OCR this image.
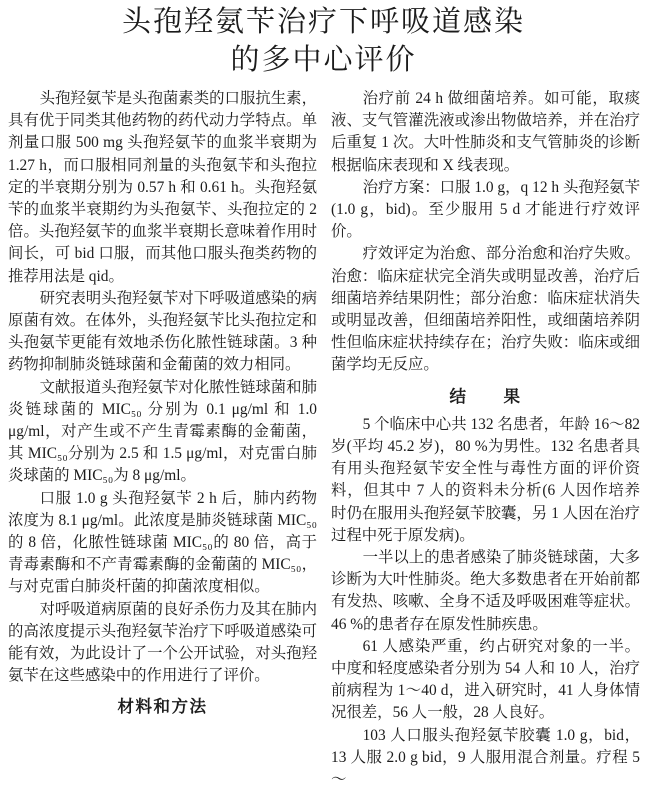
头孢羟氨苄治疗下呼吸道感染
的多中心评价

头孢羟氨苄是头孢菌素类的口服抗生素，具有优于同类其他药物的药代动力学特点。单剂量口服 500 mg 头孢羟氨苄的血浆半衰期为 1.27 h，而口服相同剂量的头孢氨苄和头孢拉定的半衰期分别为 0.57 h 和 0.61 h。头孢羟氨苄的血浆半衰期约为头孢氨苄、头孢拉定的 2 倍。头孢羟氨苄的血浆半衰期长意味着作用时间长，可 bid 口服，而其他口服头孢类药物的推荐用法是 qid。

研究表明头孢羟氨苄对下呼吸道感染的病原菌有效。在体外，头孢羟氨苄比头孢拉定和头孢氨苄更能有效地杀伤化脓性链球菌。3 种药物抑制肺炎链球菌和金葡菌的效力相同。

文献报道头孢羟氨苄对化脓性链球菌和肺炎链球菌的 MIC₅₀ 分别为 0.1 μg/ml 和 1.0 μg/ml，对产生或不产生青霉素酶的金葡菌，其 MIC₅₀分别为 2.5 和 1.5 μg/ml，对克雷白肺炎球菌的 MIC₅₀为 8 μg/ml。

口服 1.0 g 头孢羟氨苄 2 h 后，肺内药物浓度为 8.1 μg/ml。此浓度是肺炎链球菌 MIC₅₀的 8 倍，化脓性链球菌 MIC₅₀的 80 倍，高于青毒素酶和不产青霉素酶的金葡菌的 MIC₅₀，与对克雷白肺炎杆菌的抑菌浓度相似。

对呼吸道病原菌的良好杀伤力及其在肺内的高浓度提示头孢羟氨苄治疗下呼吸道感染可能有效，为此设计了一个公开试验，对头孢羟氨苄在这些感染中的作用进行了评价。

材料和方法

治疗前 24 h 做细菌培养。如可能，取痰液、支气管灌洗液或渗出物做培养，并在治疗后重复 1 次。大叶性肺炎和支气管肺炎的诊断根据临床表现和 X 线表现。

治疗方案：口服 1.0 g，q 12 h 头孢羟氨苄(1.0 g，bid)。至少服用 5 d 才能进行疗效评价。

疗效评定为治愈、部分治愈和治疗失败。治愈：临床症状完全消失或明显改善，治疗后细菌培养结果阴性；部分治愈：临床症状消失或明显改善，但细菌培养阳性，或细菌培养阴性但临床症状持续存在；治疗失败：临床或细菌学均无反应。

结　　果

5 个临床中心共 132 名患者，年龄 16～82 岁(平均 45.2 岁)，80 %为男性。132 名患者具有用头孢羟氨苄安全性与毒性方面的评价资料，但其中 7 人的资料未分析(6 人因作培养时仍在服用头孢羟氨苄胶囊，另 1 人因在治疗过程中死于原发病)。

一半以上的患者感染了肺炎链球菌，大多诊断为大叶性肺炎。绝大多数患者在开始前都有发热、咳嗽、全身不适及呼吸困难等症状。46 %的患者存在原发性肺疾患。

61 人感染严重，约占研究对象的一半。中度和轻度感染者分别为 54 人和 10 人，治疗前病程为 1～40 d，进入研究时，41 人身体情况很差，56 人一般，28 人良好。

103 人口服头孢羟氨苄胶囊 1.0 g，bid，13 人服 2.0 g bid，9 人服用混合剂量。疗程 5～
